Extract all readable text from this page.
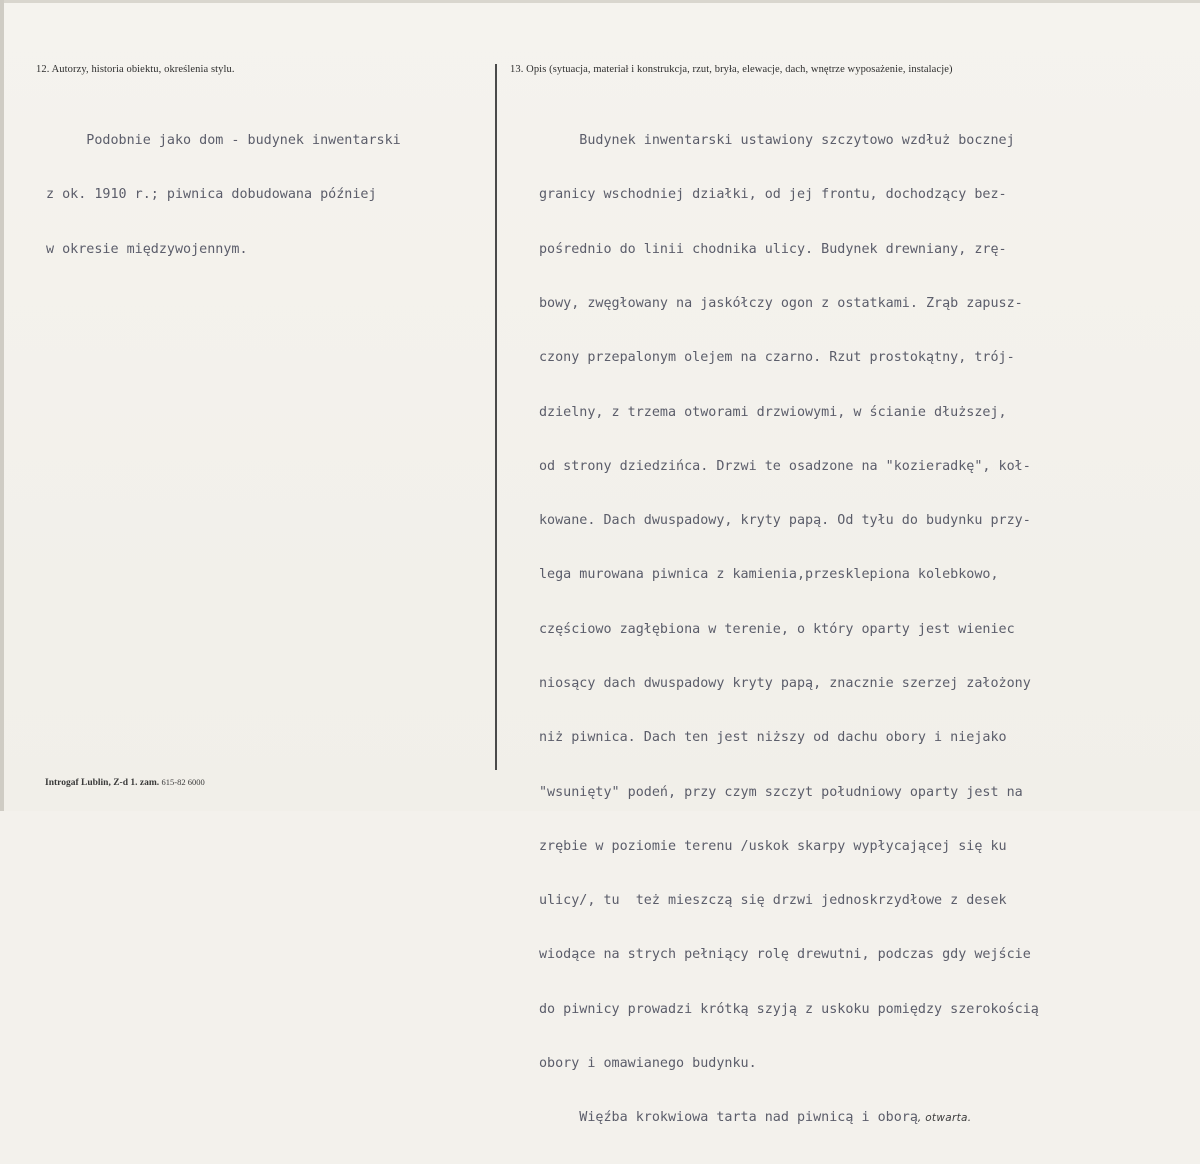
12. Autorzy, historia obiektu, określenia stylu.	13. Opis (sytuacja, materiał i konstrukcja, rzut, bryła, elewacje, dach, wnętrze wyposażenie, instalacje)

Podobnie jako dom - budynek inwentarski

z ok. 1910 r.; piwnica dobudowana później

w okresie międzywojennym.

Budynek inwentarski ustawiony szczytowo wzdłuż bocznej

granicy wschodniej działki, od jej frontu, dochodzący bez-

pośrednio do linii chodnika ulicy. Budynek drewniany, zrę-

bowy, zwęgłowany na jaskółczy ogon z ostatkami. Zrąb zapusz-

czony przepalonym olejem na czarno. Rzut prostokątny, trój-

dzielny, z trzema otworami drzwiowymi, w ścianie dłuższej,

od strony dziedzińca. Drzwi te osadzone na "kozieradkę", koł-

kowane. Dach dwuspadowy, kryty papą. Od tyłu do budynku przy-

lega murowana piwnica z kamienia,przesklepiona kolebkowo,

częściowo zagłębiona w terenie, o który oparty jest wieniec

niosący dach dwuspadowy kryty papą, znacznie szerzej założony

niż piwnica. Dach ten jest niższy od dachu obory i niejako

"wsunięty" podeń, przy czym szczyt południowy oparty jest na

zrębie w poziomie terenu /uskok skarpy wypłycającej się ku

ulicy/, tu  też mieszczą się drzwi jednoskrzydłowe z desek

wiodące na strych pełniący rolę drewutni, podczas gdy wejście

do piwnicy prowadzi krótką szyją z uskoku pomiędzy szerokością

obory i omawianego budynku.

Więźba krokwiowa tarta nad piwnicą i oborą, otwarta.

Introgaf Lublin, Z-d 1. zam. 615-82 6000
